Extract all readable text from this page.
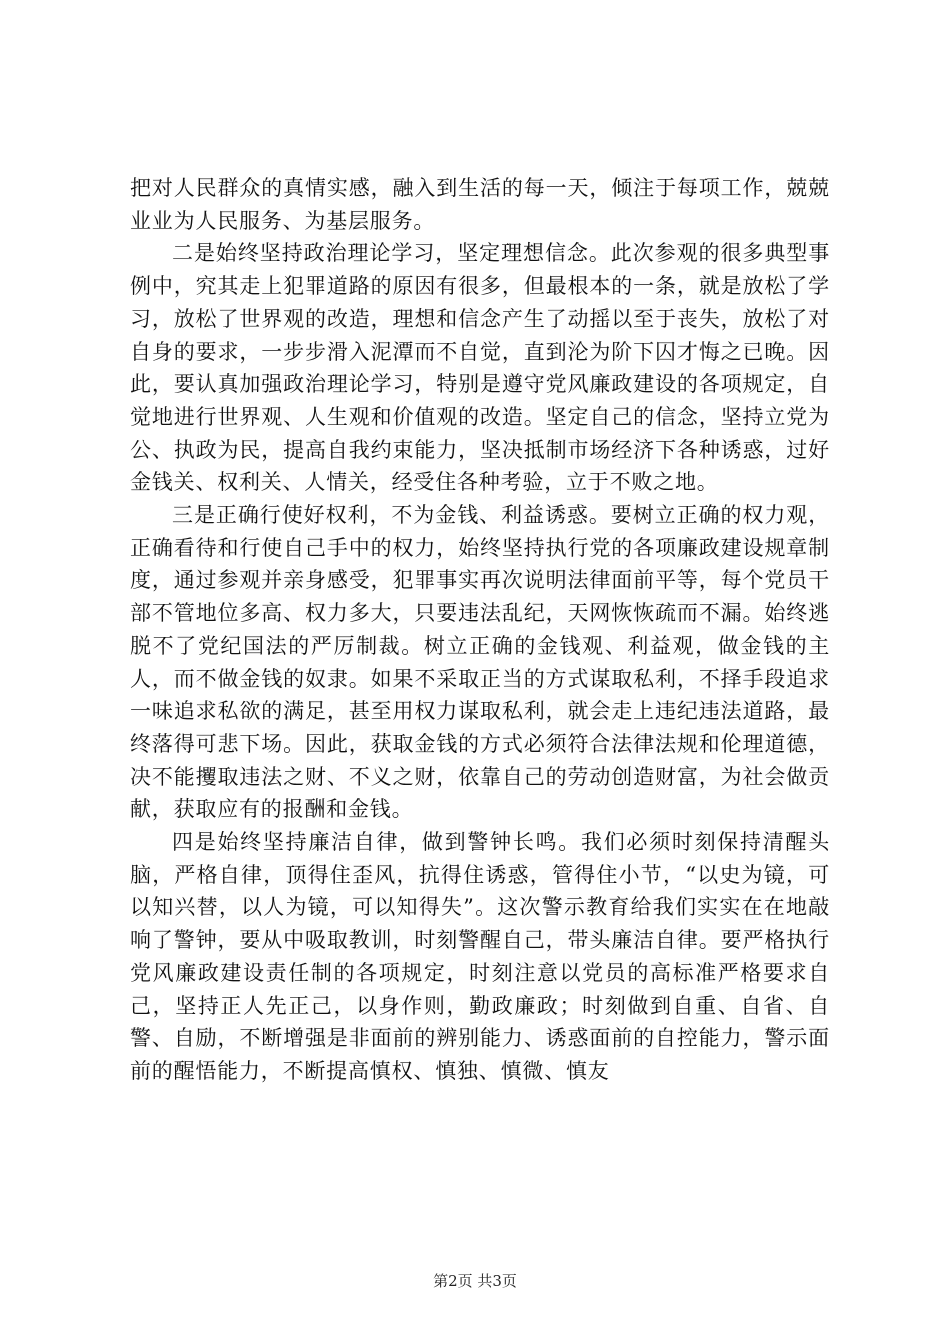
把对人民群众的真情实感，融入到生活的每一天，倾注于每项工作，兢兢业业为人民服务、为基层服务。

二是始终坚持政治理论学习，坚定理想信念。此次参观的很多典型事例中，究其走上犯罪道路的原因有很多，但最根本的一条，就是放松了学习，放松了世界观的改造，理想和信念产生了动摇以至于丧失，放松了对自身的要求，一步步滑入泥潭而不自觉，直到沦为阶下囚才悔之已晚。因此，要认真加强政治理论学习，特别是遵守党风廉政建设的各项规定，自觉地进行世界观、人生观和价值观的改造。坚定自己的信念，坚持立党为公、执政为民，提高自我约束能力，坚决抵制市场经济下各种诱惑，过好金钱关、权利关、人情关，经受住各种考验，立于不败之地。

三是正确行使好权利，不为金钱、利益诱惑。要树立正确的权力观，正确看待和行使自己手中的权力，始终坚持执行党的各项廉政建设规章制度，通过参观并亲身感受，犯罪事实再次说明法律面前平等，每个党员干部不管地位多高、权力多大，只要违法乱纪，天网恢恢疏而不漏。始终逃脱不了党纪国法的严厉制裁。树立正确的金钱观、利益观，做金钱的主人，而不做金钱的奴隶。如果不采取正当的方式谋取私利，不择手段追求一味追求私欲的满足，甚至用权力谋取私利，就会走上违纪违法道路，最终落得可悲下场。因此，获取金钱的方式必须符合法律法规和伦理道德，决不能攫取违法之财、不义之财，依靠自己的劳动创造财富，为社会做贡献，获取应有的报酬和金钱。

四是始终坚持廉洁自律，做到警钟长鸣。我们必须时刻保持清醒头脑，严格自律，顶得住歪风，抗得住诱惑，管得住小节，“以史为镜，可以知兴替，以人为镜，可以知得失”。这次警示教育给我们实实在在地敲响了警钟，要从中吸取教训，时刻警醒自己，带头廉洁自律。要严格执行党风廉政建设责任制的各项规定，时刻注意以党员的高标准严格要求自己，坚持正人先正己，以身作则，勤政廉政；时刻做到自重、自省、自警、自励，不断增强是非面前的辨别能力、诱惑面前的自控能力，警示面前的醒悟能力，不断提高慎权、慎独、慎微、慎友

第2页 共3页
